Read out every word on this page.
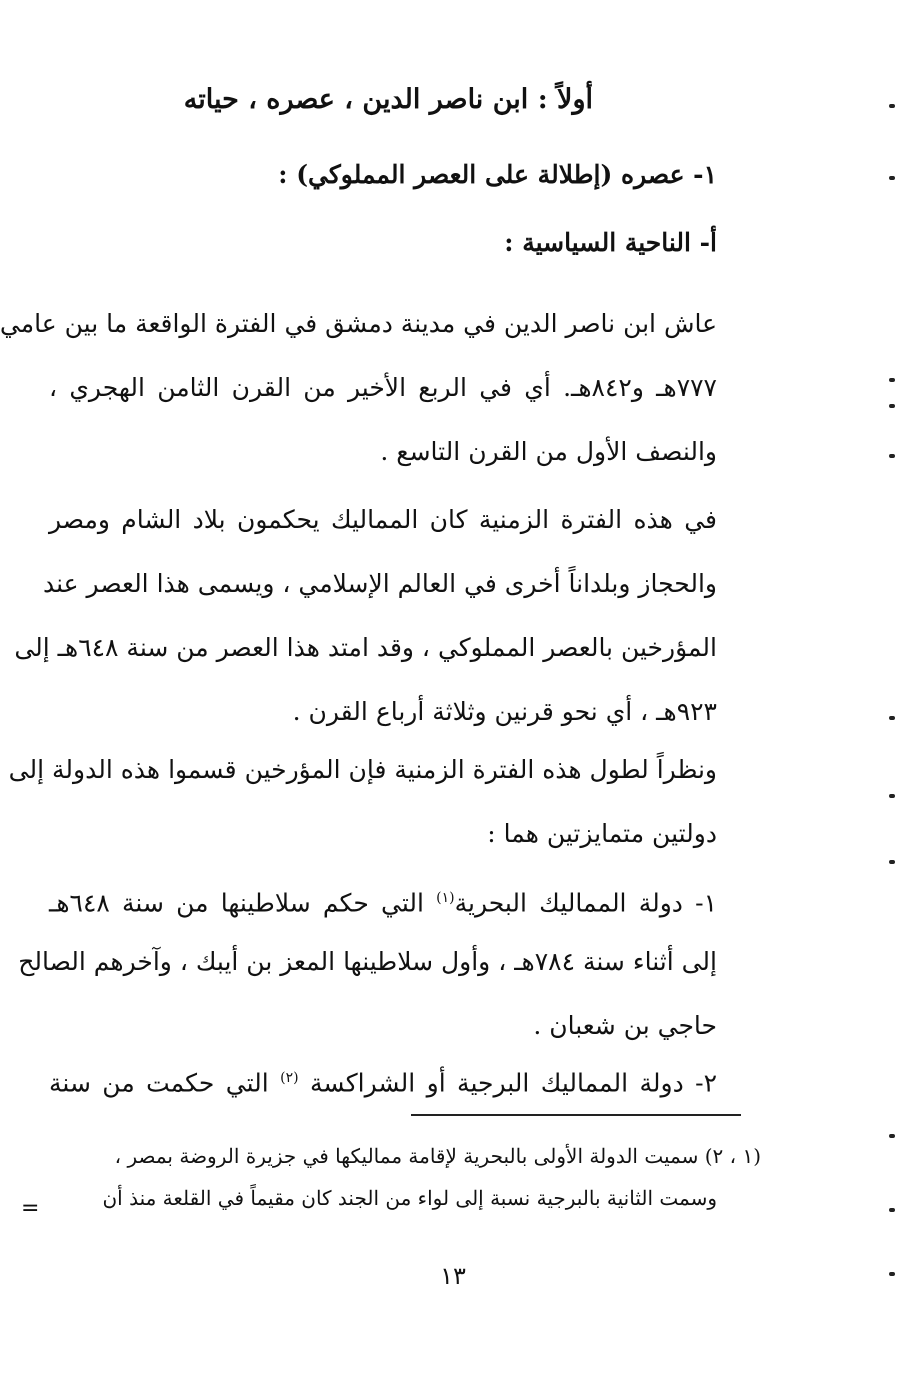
أولاً : ابن ناصر الدين ، عصره ، حياته
١- عصره (إطلالة على العصر المملوكي) :
أ- الناحية السياسية :
عاش ابن ناصر الدين في مدينة دمشق في الفترة الواقعة ما بين عامي
٧٧٧هـ و٨٤٢هـ. أي في الربع الأخير من القرن الثامن الهجري ،
والنصف الأول من القرن التاسع .
في هذه الفترة الزمنية كان المماليك يحكمون بلاد الشام ومصر
والحجاز وبلداناً أخرى في العالم الإسلامي ، ويسمى هذا العصر عند
المؤرخين بالعصر المملوكي ، وقد امتد هذا العصر من سنة ٦٤٨هـ إلى
٩٢٣هـ ، أي نحو قرنين وثلاثة أرباع القرن .
ونظراً لطول هذه الفترة الزمنية فإن المؤرخين قسموا هذه الدولة إلى
دولتين متمايزتين هما :
١- دولة المماليك البحرية$^{(١)}$ التي حكم سلاطينها من سنة ٦٤٨هـ
إلى أثناء سنة ٧٨٤هـ ، وأول سلاطينها المعز بن أيبك ، وآخرهم الصالح
حاجي بن شعبان .
٢- دولة المماليك البرجية أو الشراكسة $^{(٢)}$ التي حكمت من سنة
(١ ، ٢) سميت الدولة الأولى بالبحرية لإقامة مماليكها في جزيرة الروضة بمصر ،
وسمت الثانية بالبرجية نسبة إلى لواء من الجند كان مقيماً في القلعة منذ أن
=
١٣
